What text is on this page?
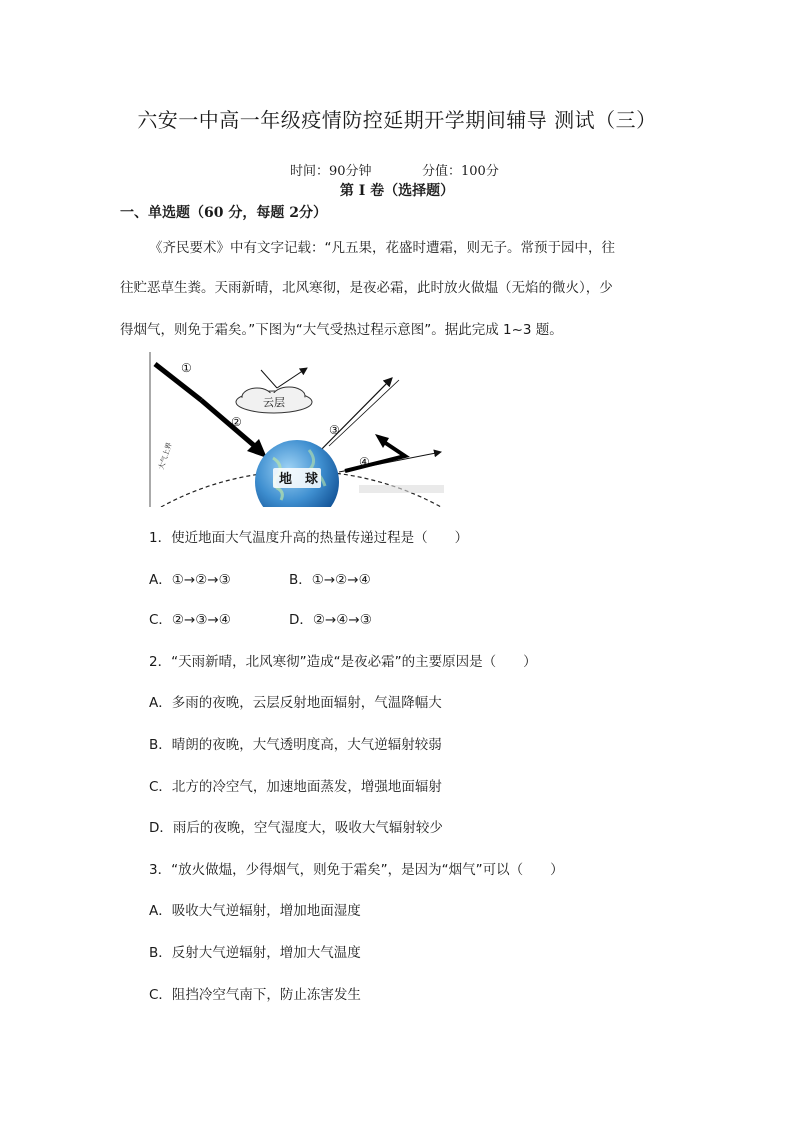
六安一中高一年级疫情防控延期开学期间辅导 测试（三）
时间：90分钟	分值：100分
第 I 卷（选择题）
一、单选题（60 分，每题 2分）
《齐民要术》中有文字记载：“凡五果，花盛时遭霜，则无子。常预于园中，往
往贮恶草生粪。天雨新晴，北风寒彻，是夜必霜，此时放火做煴（无焰的微火），少
得烟气，则免于霜矣。”下图为“大气受热过程示意图”。据此完成 1~3 题。
①
②
③
④
云层
大气上界
地 球
1．使近地面大气温度升高的热量传递过程是（　　）
A．①→②→③	B．①→②→④
C．②→③→④	D．②→④→③
2．“天雨新晴，北风寒彻”造成“是夜必霜”的主要原因是（　　）
A．多雨的夜晚，云层反射地面辐射，气温降幅大
B．晴朗的夜晚，大气透明度高，大气逆辐射较弱
C．北方的冷空气，加速地面蒸发，增强地面辐射
D．雨后的夜晚，空气湿度大，吸收大气辐射较少
3．“放火做煴，少得烟气，则免于霜矣”，是因为“烟气”可以（　　）
A．吸收大气逆辐射，增加地面湿度
B．反射大气逆辐射，增加大气温度
C．阻挡冷空气南下，防止冻害发生
